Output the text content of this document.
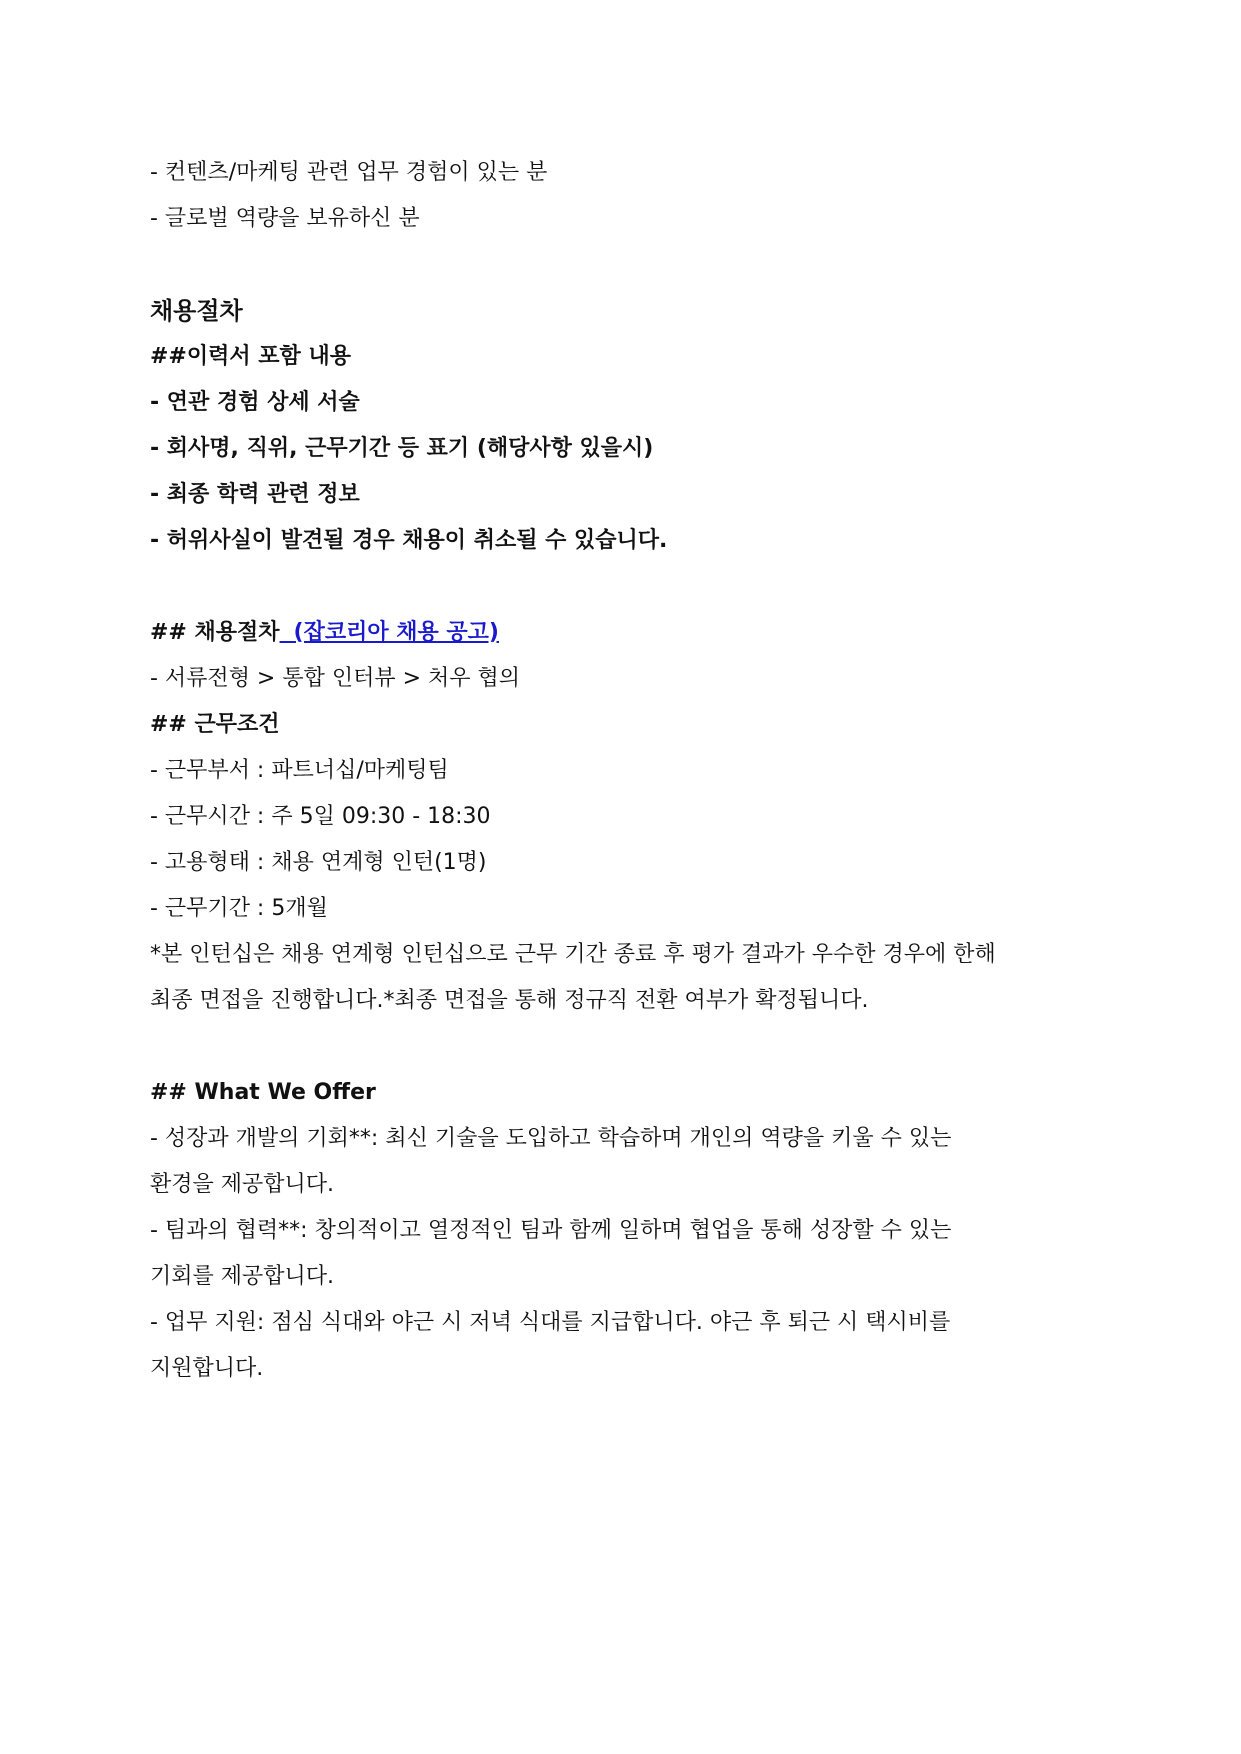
- 컨텐츠/마케팅 관련 업무 경험이 있는 분

- 글로벌 역량을 보유하신 분

채용절차

##이력서 포함 내용

- 연관 경험 상세 서술

- 회사명, 직위, 근무기간 등 표기 (해당사항 있을시)

- 최종 학력 관련 정보

- 허위사실이 발견될 경우 채용이 취소될 수 있습니다.

## 채용절차 (잡코리아 채용 공고)

- 서류전형 > 통합 인터뷰 > 처우 협의

## 근무조건

- 근무부서 : 파트너십/마케팅팀

- 근무시간 : 주 5일 09:30 - 18:30

- 고용형태 : 채용 연계형 인턴(1명)

- 근무기간 : 5개월

*본 인턴십은 채용 연계형 인턴십으로 근무 기간 종료 후 평가 결과가 우수한 경우에 한해

최종 면접을 진행합니다.*최종 면접을 통해 정규직 전환 여부가 확정됩니다.

## What We Offer

- 성장과 개발의 기회**: 최신 기술을 도입하고 학습하며 개인의 역량을 키울 수 있는

환경을 제공합니다.

- 팀과의 협력**: 창의적이고 열정적인 팀과 함께 일하며 협업을 통해 성장할 수 있는

기회를 제공합니다.

- 업무 지원: 점심 식대와 야근 시 저녁 식대를 지급합니다. 야근 후 퇴근 시 택시비를

지원합니다.
